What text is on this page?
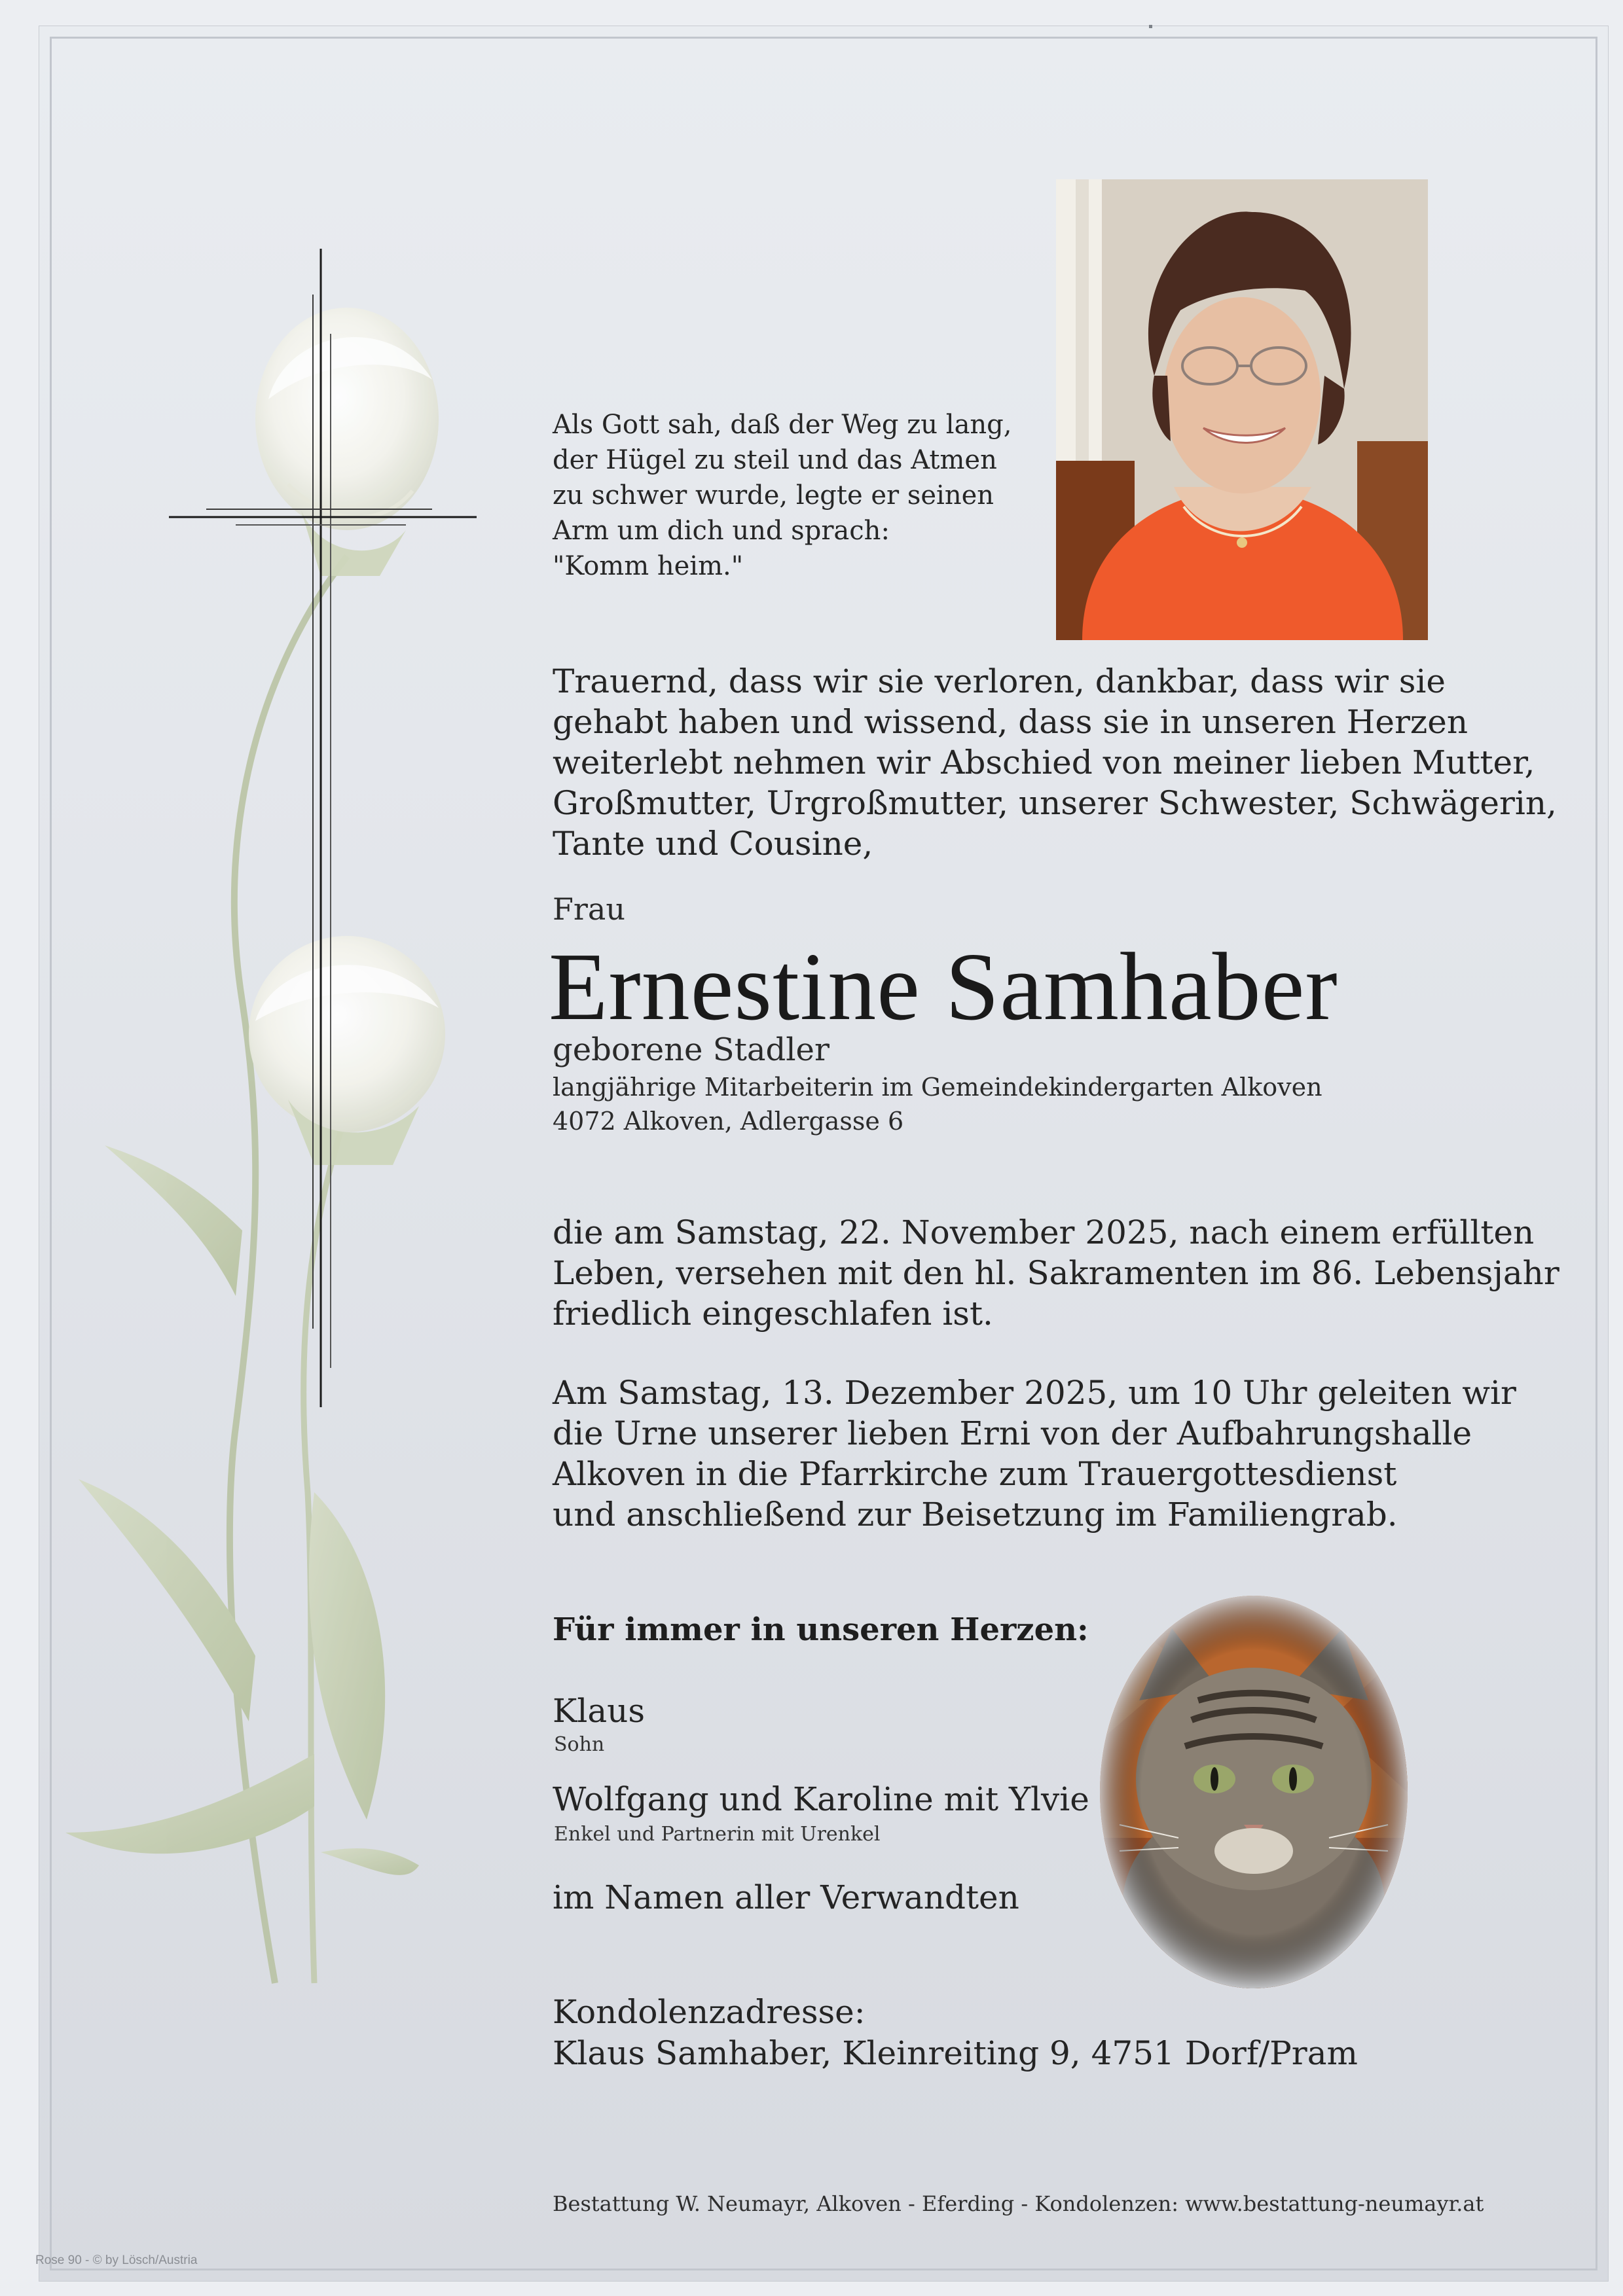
Als Gott sah, daß der Weg zu lang,
der Hügel zu steil und das Atmen
zu schwer wurde, legte er seinen
Arm um dich und sprach:
"Komm heim."
Trauernd, dass wir sie verloren, dankbar, dass wir sie
gehabt haben und wissend, dass sie in unseren Herzen
weiterlebt nehmen wir Abschied von meiner lieben Mutter,
Großmutter, Urgroßmutter, unserer Schwester, Schwägerin,
Tante und Cousine,
Frau
Ernestine Samhaber
geborene Stadler
langjährige Mitarbeiterin im Gemeindekindergarten Alkoven
4072 Alkoven, Adlergasse 6
die am Samstag, 22. November 2025, nach einem erfüllten
Leben, versehen mit den hl. Sakramenten im 86. Lebensjahr
friedlich eingeschlafen ist.
Am Samstag, 13. Dezember 2025, um 10 Uhr geleiten wir
die Urne unserer lieben Erni von der Aufbahrungshalle
Alkoven in die Pfarrkirche zum Trauergottesdienst
und anschließend zur Beisetzung im Familiengrab.
Für immer in unseren Herzen:
Klaus
Sohn
Wolfgang und Karoline mit Ylvie
Enkel und Partnerin mit Urenkel
im Namen aller Verwandten
Kondolenzadresse:
Klaus Samhaber, Kleinreiting 9, 4751 Dorf/Pram
Bestattung W. Neumayr, Alkoven - Eferding - Kondolenzen: www.bestattung-neumayr.at
Rose 90 - © by Lösch/Austria
